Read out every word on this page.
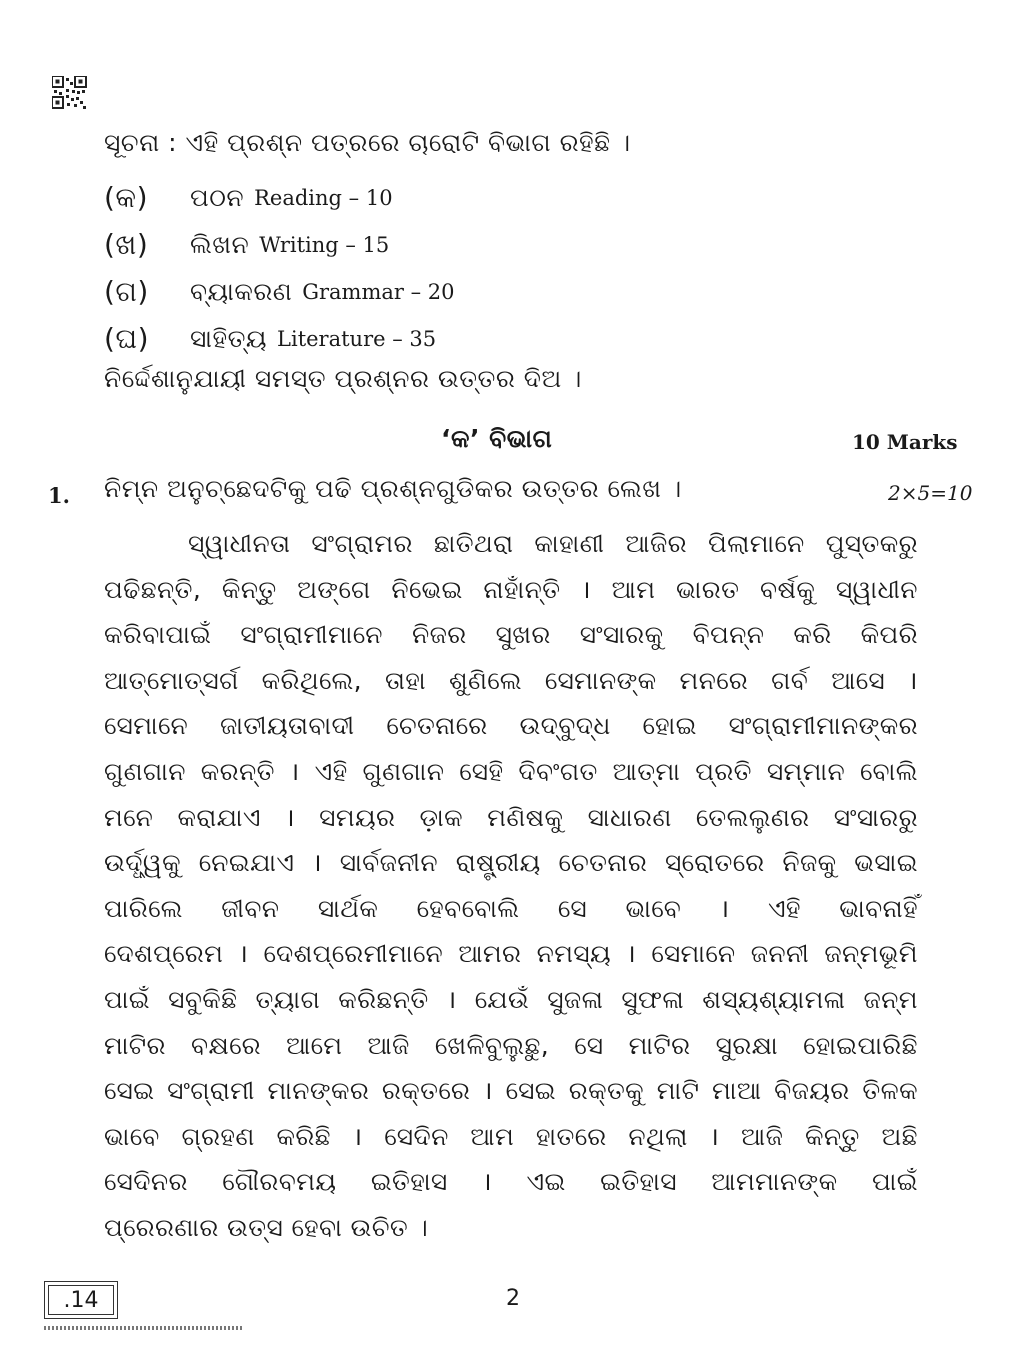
ସୂଚନା : ଏହି ପ୍ରଶ୍ନ ପତ୍ରରେ ଚାରୋଟି ବିଭାଗ ରହିଛି ।
(କ)	ପଠନ Reading – 10
(ଖ)	ଲିଖନ Writing – 15
(ଗ)	ବ୍ୟାକରଣ Grammar – 20
(ଘ)	ସାହିତ୍ୟ Literature – 35
ନିର୍ଦ୍ଦେଶାନୁଯାୟୀ ସମସ୍ତ ପ୍ରଶ୍ନର ଉତ୍ତର ଦିଅ ।
‘କ’ ବିଭାଗ	10 Marks
1. ନିମ୍ନ ଅନୁଚ୍ଛେଦଟିକୁ ପଢି ପ୍ରଶ୍ନଗୁଡିକର ଉତ୍ତର ଲେଖ ।	2×5=10
ସ୍ୱାଧୀନତା ସଂଗ୍ରାମର ଛାତିଥରା କାହାଣୀ ଆଜିର ପିଲାମାନେ ପୁସ୍ତକରୁ
ପଢିଛନ୍ତି, କିନ୍ତୁ ଅଙ୍ଗେ ନିଭେଇ ନାହାଁନ୍ତି । ଆମ ଭାରତ ବର୍ଷକୁ ସ୍ୱାଧୀନ
କରିବାପାଇଁ ସଂଗ୍ରାମୀମାନେ ନିଜର ସୁଖର ସଂସାରକୁ ବିପନ୍ନ କରି କିପରି
ଆତ୍ମୋତ୍ସର୍ଗ କରିଥିଲେ, ତାହା ଶୁଣିଲେ ସେମାନଙ୍କ ମନରେ ଗର୍ବ ଆସେ ।
ସେମାନେ ଜାତୀୟତାବାଦୀ ଚେତନାରେ ଉଦ୍‌ବୁଦ୍ଧ ହୋଇ ସଂଗ୍ରାମୀମାନଙ୍କର
ଗୁଣଗାନ କରନ୍ତି । ଏହି ଗୁଣଗାନ ସେହି ଦିବଂଗତ ଆତ୍ମା ପ୍ରତି ସମ୍ମାନ ବୋଲି
ମନେ କରାଯାଏ । ସମୟର ଡ଼ାକ ମଣିଷକୁ ସାଧାରଣ ତେଲଲୁଣର ସଂସାରରୁ
ଉର୍ଦ୍ଧ୍ୱକୁ ନେଇଯାଏ । ସାର୍ବଜନୀନ ରାଷ୍ଟ୍ରୀୟ ଚେତନାର ସ୍ରୋତରେ ନିଜକୁ ଭସାଇ
ପାରିଲେ ଜୀବନ ସାର୍ଥକ ହେବବୋଲି ସେ ଭାବେ । ଏହି ଭାବନାହିଁ
ଦେଶପ୍ରେମ । ଦେଶପ୍ରେମୀମାନେ ଆମର ନମସ୍ୟ । ସେମାନେ ଜନନୀ ଜନ୍ମଭୂମି
ପାଇଁ ସବୁକିଛି ତ୍ୟାଗ କରିଛନ୍ତି । ଯେଉଁ ସୁଜଳା ସୁଫଳା ଶସ୍ୟଶ୍ୟାମଳା ଜନ୍ମ
ମାଟିର ବକ୍ଷରେ ଆମେ ଆଜି ଖେଳିବୁଲୁଛୁ, ସେ ମାଟିର ସୁରକ୍ଷା ହୋଇପାରିଛି
ସେଇ ସଂଗ୍ରାମୀ ମାନଙ୍କର ରକ୍ତରେ । ସେଇ ରକ୍ତକୁ ମାଟି ମାଆ ବିଜୟର ତିଳକ
ଭାବେ ଗ୍ରହଣ କରିଛି । ସେଦିନ ଆମ ହାତରେ ନଥିଲା । ଆଜି କିନ୍ତୁ ଅଛି
ସେଦିନର ଗୌରବମୟ ଇତିହାସ । ଏଇ ଇତିହାସ ଆମମାନଙ୍କ ପାଇଁ
ପ୍ରେରଣାର ଉତ୍ସ ହେବା ଉଚିତ ।
.14	2
